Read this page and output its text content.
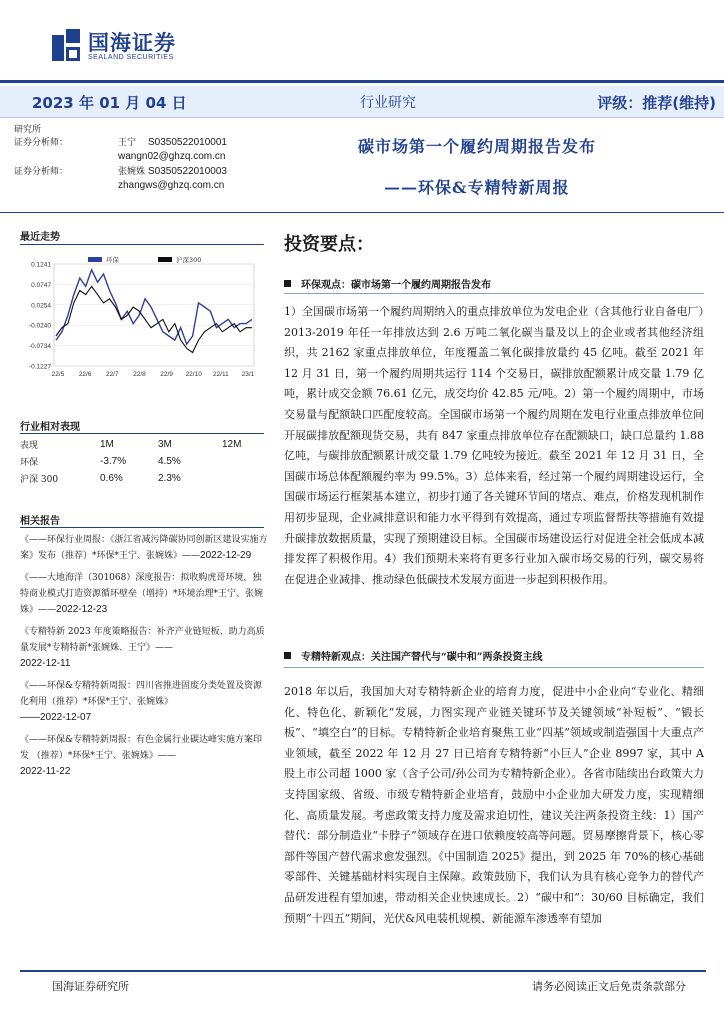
国海证券
SEALAND SECURITIES
2023 年 01 月 04 日	行业研究	评级：推荐(维持)
研究所
证券分析师：	王宁 S0350522010001
wangn02@ghzq.com.cn
证券分析师：	张婉姝 S0350522010003
zhangws@ghzq.com.cn
碳市场第一个履约周期报告发布
——环保&专精特新周报
最近走势
0.1241
0.0747
0.0254
-0.0240
-0.0734
-0.1227
22/5 22/6 22/7 22/8 22/9 22/10 22/11 23/1
环保	沪深300
行业相对表现
表现	1M	3M	12M
环保	-3.7%	4.5%	
沪深 300	0.6%	2.3%	
相关报告
《——环保行业周报：《浙江省减污降碳协同创新区建设实施方案》发布（推荐）*环保*王宁、张婉姝》——2022-12-29
《——大地海洋（301068）深度报告：拟收购虎哥环境，独特商业模式打造资源循环壁垒（增持）*环境治理*王宁、张婉姝》——2022-12-23
《专精特新 2023 年度策略报告：补齐产业链短板、助力高质量发展*专精特新*张婉姝、王宁》——
2022-12-11
《——环保&专精特新周报：四川省推进固废分类处置及资源化利用（推荐）*环保*王宁、张婉姝》
——2022-12-07
《——环保&专精特新周报：有色金属行业碳达峰实施方案印发 （推荐）*环保*王宁、张婉姝》——
2022-11-22
投资要点：
环保观点：碳市场第一个履约周期报告发布
1）全国碳市场第一个履约周期纳入的重点排放单位为发电企业（含其他行业自备电厂）2013-2019 年任一年排放达到 2.6 万吨二氧化碳当量及以上的企业或者其他经济组织，共 2162 家重点排放单位，年度覆盖二氧化碳排放量约 45 亿吨。截至 2021 年 12 月 31 日，第一个履约周期共运行 114 个交易日，碳排放配额累计成交量 1.79 亿吨，累计成交金额 76.61 亿元，成交均价 42.85 元/吨。2）第一个履约周期中，市场交易量与配额缺口匹配度较高。全国碳市场第一个履约周期在发电行业重点排放单位间开展碳排放配额现货交易，共有 847 家重点排放单位存在配额缺口，缺口总量约 1.88 亿吨，与碳排放配额累计成交量 1.79 亿吨较为接近。截至 2021 年 12 月 31 日，全国碳市场总体配额履约率为 99.5%。3）总体来看，经过第一个履约周期建设运行，全国碳市场运行框架基本建立，初步打通了各关键环节间的堵点、难点，价格发现机制作用初步显现，企业减排意识和能力水平得到有效提高，通过专项监督帮扶等措施有效提升碳排放数据质量，实现了预期建设目标。全国碳市场建设运行对促进全社会低成本减排发挥了积极作用。4）我们预期未来将有更多行业加入碳市场交易的行列，碳交易将在促进企业减排、推动绿色低碳技术发展方面进一步起到积极作用。
专精特新观点：关注国产替代与“碳中和”两条投资主线
2018 年以后，我国加大对专精特新企业的培育力度，促进中小企业向“专业化、精细化、特色化、新颖化”发展，力图实现产业链关键环节及关键领域“补短板”、“锻长板”、“填空白”的目标。专精特新企业培育聚焦工业“四基”领域或制造强国十大重点产业领域，截至 2022 年 12 月 27 日已培育专精特新“小巨人”企业 8997 家，其中 A 股上市公司超 1000 家（含子公司/孙公司为专精特新企业）。各省市陆续出台政策大力支持国家级、省级、市级专精特新企业培育，鼓励中小企业加大研发力度，实现精细化、高质量发展。考虑政策支持力度及需求迫切性，建议关注两条投资主线：1）国产替代：部分制造业“卡脖子”领域存在进口依赖度较高等问题。贸易摩擦背景下，核心零部件等国产替代需求愈发强烈。《中国制造 2025》提出，到 2025 年 70%的核心基础零部件、关键基础材料实现自主保障。政策鼓励下，我们认为具有核心竞争力的替代产品研发进程有望加速，带动相关企业快速成长。2）“碳中和”：30/60 目标确定，我们预期“十四五”期间，光伏&风电装机规模、新能源车渗透率有望加
国海证券研究所	请务必阅读正文后免责条款部分
